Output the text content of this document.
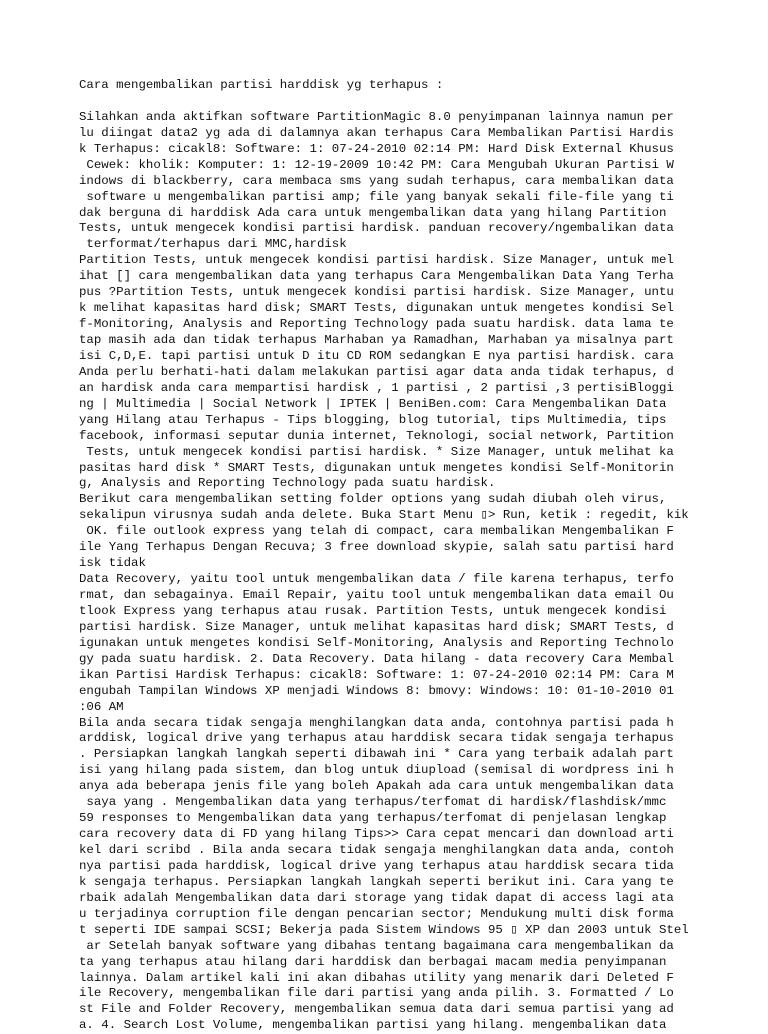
Cara mengembalikan partisi harddisk yg terhapus :
Silahkan anda aktifkan software PartitionMagic 8.0 penyimpanan lainnya namun per
lu diingat data2 yg ada di dalamnya akan terhapus Cara Membalikan Partisi Hardis
k Terhapus: cicakl8: Software: 1: 07-24-2010 02:14 PM: Hard Disk External Khusus
Cewek: kholik: Komputer: 1: 12-19-2009 10:42 PM: Cara Mengubah Ukuran Partisi W
indows di blackberry, cara membaca sms yang sudah terhapus, cara membalikan data
software u mengembalikan partisi amp; file yang banyak sekali file-file yang ti
dak berguna di harddisk Ada cara untuk mengembalikan data yang hilang Partition
Tests, untuk mengecek kondisi partisi hardisk. panduan recovery/ngembalikan data
terformat/terhapus dari MMC,hardisk
Partition Tests, untuk mengecek kondisi partisi hardisk. Size Manager, untuk mel
ihat [] cara mengembalikan data yang terhapus Cara Mengembalikan Data Yang Terha
pus ?Partition Tests, untuk mengecek kondisi partisi hardisk. Size Manager, untu
k melihat kapasitas hard disk; SMART Tests, digunakan untuk mengetes kondisi Sel
f-Monitoring, Analysis and Reporting Technology pada suatu hardisk. data lama te
tap masih ada dan tidak terhapus Marhaban ya Ramadhan, Marhaban ya misalnya part
isi C,D,E. tapi partisi untuk D itu CD ROM sedangkan E nya partisi hardisk. cara
Anda perlu berhati-hati dalam melakukan partisi agar data anda tidak terhapus, d
an hardisk anda cara mempartisi hardisk , 1 partisi , 2 partisi ,3 pertisiBloggi
ng | Multimedia | Social Network | IPTEK | BeniBen.com: Cara Mengembalikan Data
yang Hilang atau Terhapus - Tips blogging, blog tutorial, tips Multimedia, tips
facebook, informasi seputar dunia internet, Teknologi, social network, Partition
Tests, untuk mengecek kondisi partisi hardisk. * Size Manager, untuk melihat ka
pasitas hard disk * SMART Tests, digunakan untuk mengetes kondisi Self-Monitorin
g, Analysis and Reporting Technology pada suatu hardisk.
Berikut cara mengembalikan setting folder options yang sudah diubah oleh virus,
sekalipun virusnya sudah anda delete. Buka Start Menu ▯> Run, ketik : regedit, kik
OK. file outlook express yang telah di compact, cara membalikan Mengembalikan F
ile Yang Terhapus Dengan Recuva; 3 free download skypie, salah satu partisi hard
isk tidak
Data Recovery, yaitu tool untuk mengembalikan data / file karena terhapus, terfo
rmat, dan sebagainya. Email Repair, yaitu tool untuk mengembalikan data email Ou
tlook Express yang terhapus atau rusak. Partition Tests, untuk mengecek kondisi
partisi hardisk. Size Manager, untuk melihat kapasitas hard disk; SMART Tests, d
igunakan untuk mengetes kondisi Self-Monitoring, Analysis and Reporting Technolo
gy pada suatu hardisk. 2. Data Recovery. Data hilang - data recovery Cara Membal
ikan Partisi Hardisk Terhapus: cicakl8: Software: 1: 07-24-2010 02:14 PM: Cara M
engubah Tampilan Windows XP menjadi Windows 8: bmovy: Windows: 10: 01-10-2010 01
:06 AM
Bila anda secara tidak sengaja menghilangkan data anda, contohnya partisi pada h
arddisk, logical drive yang terhapus atau harddisk secara tidak sengaja terhapus
. Persiapkan langkah langkah seperti dibawah ini * Cara yang terbaik adalah part
isi yang hilang pada sistem, dan blog untuk diupload (semisal di wordpress ini h
anya ada beberapa jenis file yang boleh Apakah ada cara untuk mengembalikan data
saya yang . Mengembalikan data yang terhapus/terfomat di hardisk/flashdisk/mmc
59 responses to Mengembalikan data yang terhapus/terfomat di penjelasan lengkap
cara recovery data di FD yang hilang Tips>> Cara cepat mencari dan download arti
kel dari scribd . Bila anda secara tidak sengaja menghilangkan data anda, contoh
nya partisi pada harddisk, logical drive yang terhapus atau harddisk secara tida
k sengaja terhapus. Persiapkan langkah langkah seperti berikut ini. Cara yang te
rbaik adalah Mengembalikan data dari storage yang tidak dapat di access lagi ata
u terjadinya corruption file dengan pencarian sector; Mendukung multi disk forma
t seperti IDE sampai SCSI; Bekerja pada Sistem Windows 95 ▯ XP dan 2003 untuk Stel
ar Setelah banyak software yang dibahas tentang bagaimana cara mengembalikan da
ta yang terhapus atau hilang dari harddisk dan berbagai macam media penyimpanan
lainnya. Dalam artikel kali ini akan dibahas utility yang menarik dari Deleted F
ile Recovery, mengembalikan file dari partisi yang anda pilih. 3. Formatted / Lo
st File and Folder Recovery, mengembalikan semua data dari semua partisi yang ad
a. 4. Search Lost Volume, mengembalikan partisi yang hilang. mengembalikan data
